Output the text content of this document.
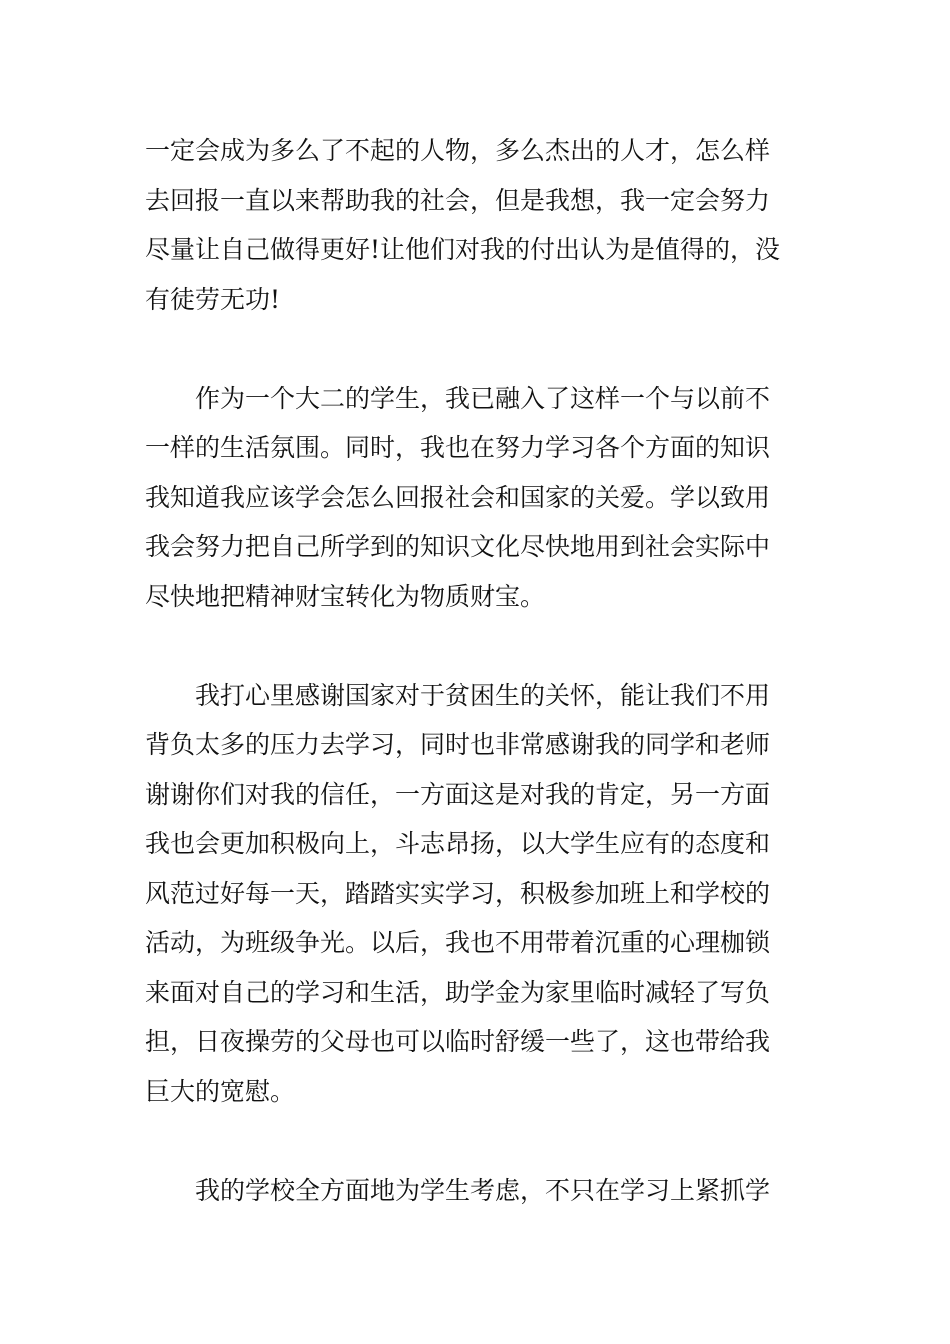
一定会成为多么了不起的人物，多么杰出的人才，怎么样
去回报一直以来帮助我的社会，但是我想，我一定会努力
尽量让自己做得更好!让他们对我的付出认为是值得的，没
有徒劳无功!
　　作为一个大二的学生，我已融入了这样一个与以前不
一样的生活氛围。同时，我也在努力学习各个方面的知识
我知道我应该学会怎么回报社会和国家的关爱。学以致用
我会努力把自己所学到的知识文化尽快地用到社会实际中
尽快地把精神财宝转化为物质财宝。
　　我打心里感谢国家对于贫困生的关怀，能让我们不用
背负太多的压力去学习，同时也非常感谢我的同学和老师
谢谢你们对我的信任，一方面这是对我的肯定，另一方面
我也会更加积极向上，斗志昂扬，以大学生应有的态度和
风范过好每一天，踏踏实实学习，积极参加班上和学校的
活动，为班级争光。以后，我也不用带着沉重的心理枷锁
来面对自己的学习和生活，助学金为家里临时减轻了写负
担，日夜操劳的父母也可以临时舒缓一些了，这也带给我
巨大的宽慰。
　　我的学校全方面地为学生考虑，不只在学习上紧抓学
